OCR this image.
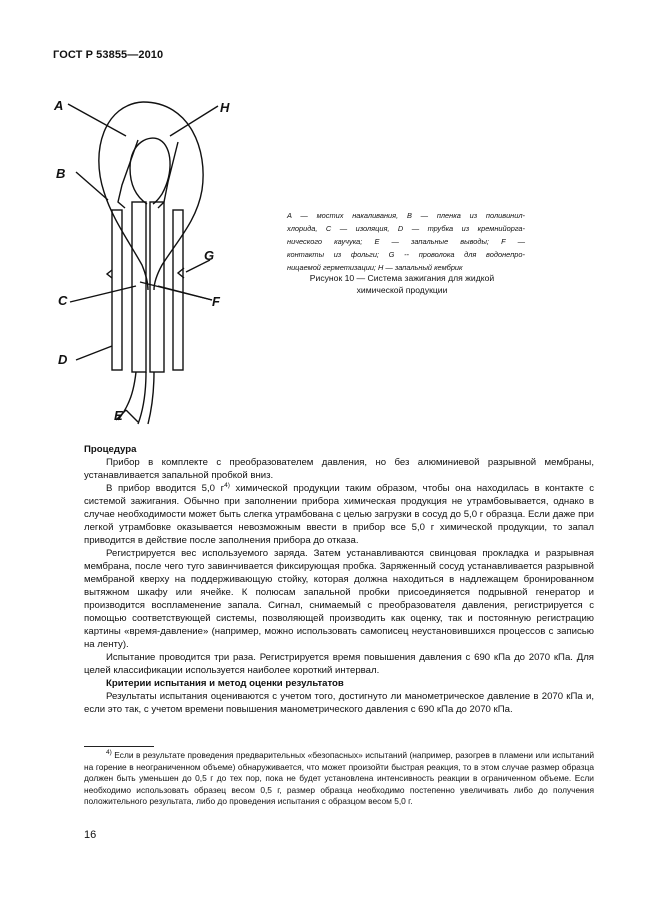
ГОСТ Р 53855—2010
A	H
B
G
C	F
D
E
A — мостих накаливания, B — пленка из поливинил-
хлорида, C — изоляция, D — трубка из кремнийорга-
нического каучука; E — запальные выводы; F —
контакты из фольги; G -- проволока для водонепро-
ницаемой герметизации; H — запальный кембрик
Рисунок 10 — Система зажигания для жидкой
химической продукции

Процедура

Прибор в комплекте с преобразователем давления, но без алюминиевой разрывной мембраны, устанавливается запальной пробкой вниз.

В прибор вводится 5,0 $г^{4)}$ химической продукции таким образом, чтобы она находилась в контакте с системой зажигания. Обычно при заполнении прибора химическая продукция не утрамбовывается, однако в случае необходимости может быть слегка утрамбована с целью загрузки в сосуд до 5,0 г образца. Если даже при легкой утрамбовке оказывается невозможным ввести в прибор все 5,0 г химической продукции, то запал приводится в действие после заполнения прибора до отказа.

Регистрируется вес используемого заряда. Затем устанавливаются свинцовая прокладка и разрывная мембрана, после чего туго завинчивается фиксирующая пробка. Заряженный сосуд устанавливается разрывной мембраной кверху на поддерживающую стойку, которая должна находиться в надлежащем бронированном вытяжном шкафу или ячейке. К полюсам запальной пробки присоединяется подрывной генератор и производится воспламенение запала. Сигнал, снимаемый с преобразователя давления, регистрируется с помощью соответствующей системы, позволяющей производить как оценку, так и постоянную регистрацию картины «время-давление» (например, можно использовать самописец неустановившихся процессов с записью на ленту).

Испытание проводится три раза. Регистрируется время повышения давления с 690 кПа до 2070 кПа. Для целей классификации используется наиболее короткий интервал.

Критерии испытания и метод оценки результатов

Результаты испытания оцениваются с учетом того, достигнуто ли манометрическое давление в 2070 кПа и, если это так, с учетом времени повышения манометрического давления с 690 кПа до 2070 кПа.

$^{4)}$ Если в результате проведения предварительных «безопасных» испытаний (например, разогрев в пламени или испытаний на горение в неограниченном объеме) обнаруживается, что может произойти быстрая реакция, то в этом случае размер образца должен быть уменьшен до 0,5 г до тех пор, пока не будет установлена интенсивность реакции в ограниченном объеме. Если необходимо использовать образец весом 0,5 г, размер образца необходимо постепенно увеличивать либо до получения положительного результата, либо до проведения испытания с образцом весом 5,0 г.
16
